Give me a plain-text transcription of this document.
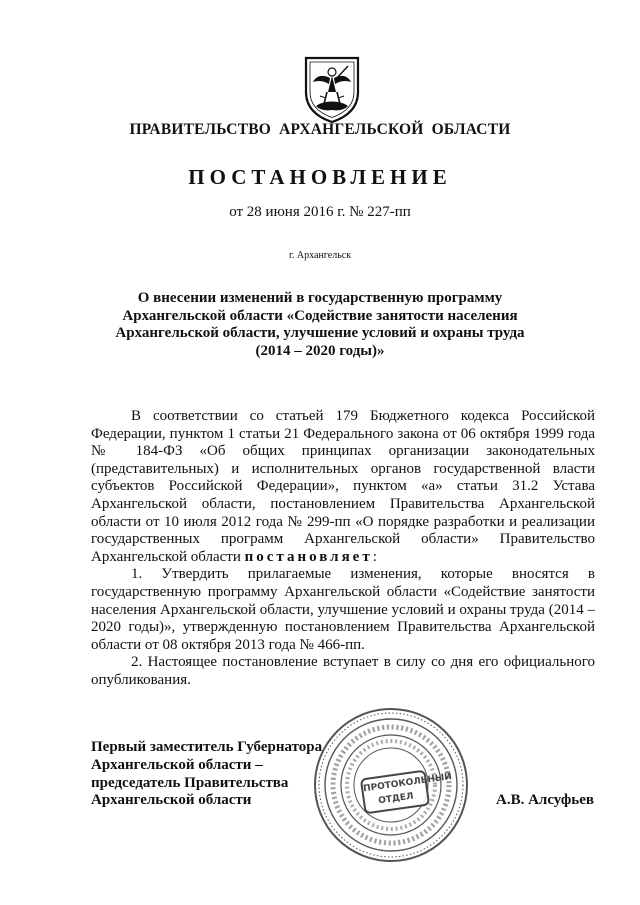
ПРАВИТЕЛЬСТВО АРХАНГЕЛЬСКОЙ ОБЛАСТИ
ПОСТАНОВЛЕНИЕ
от 28 июня 2016 г. № 227-пп
г. Архангельск
О внесении изменений в государственную программу
Архангельской области «Содействие занятости населения
Архангельской области, улучшение условий и охраны труда
(2014 – 2020 годы)»

В соответствии со статьей 179 Бюджетного кодекса Российской Федерации, пунктом 1 статьи 21 Федерального закона от 06 октября 1999 года № 184-ФЗ «Об общих принципах организации законодательных (представительных) и исполнительных органов государственной власти субъектов Российской Федерации», пунктом «а» статьи 31.2 Устава Архангельской области, постановлением Правительства Архангельской области от 10 июля 2012 года № 299-пп «О порядке разработки и реализации государственных программ Архангельской области» Правительство Архангельской области постановляет:

1. Утвердить прилагаемые изменения, которые вносятся в государственную программу Архангельской области «Содействие занятости населения Архангельской области, улучшение условий и охраны труда (2014 – 2020 годы)», утвержденную постановлением Правительства Архангельской области от 08 октября 2013 года № 466-пп.

2. Настоящее постановление вступает в силу со дня его официального опубликования.

Первый заместитель Губернатора
Архангельской области –
председатель Правительства
Архангельской области
ПРОТОКОЛЬНЫЙ
ОТДЕЛ	А.В. Алсуфьев
